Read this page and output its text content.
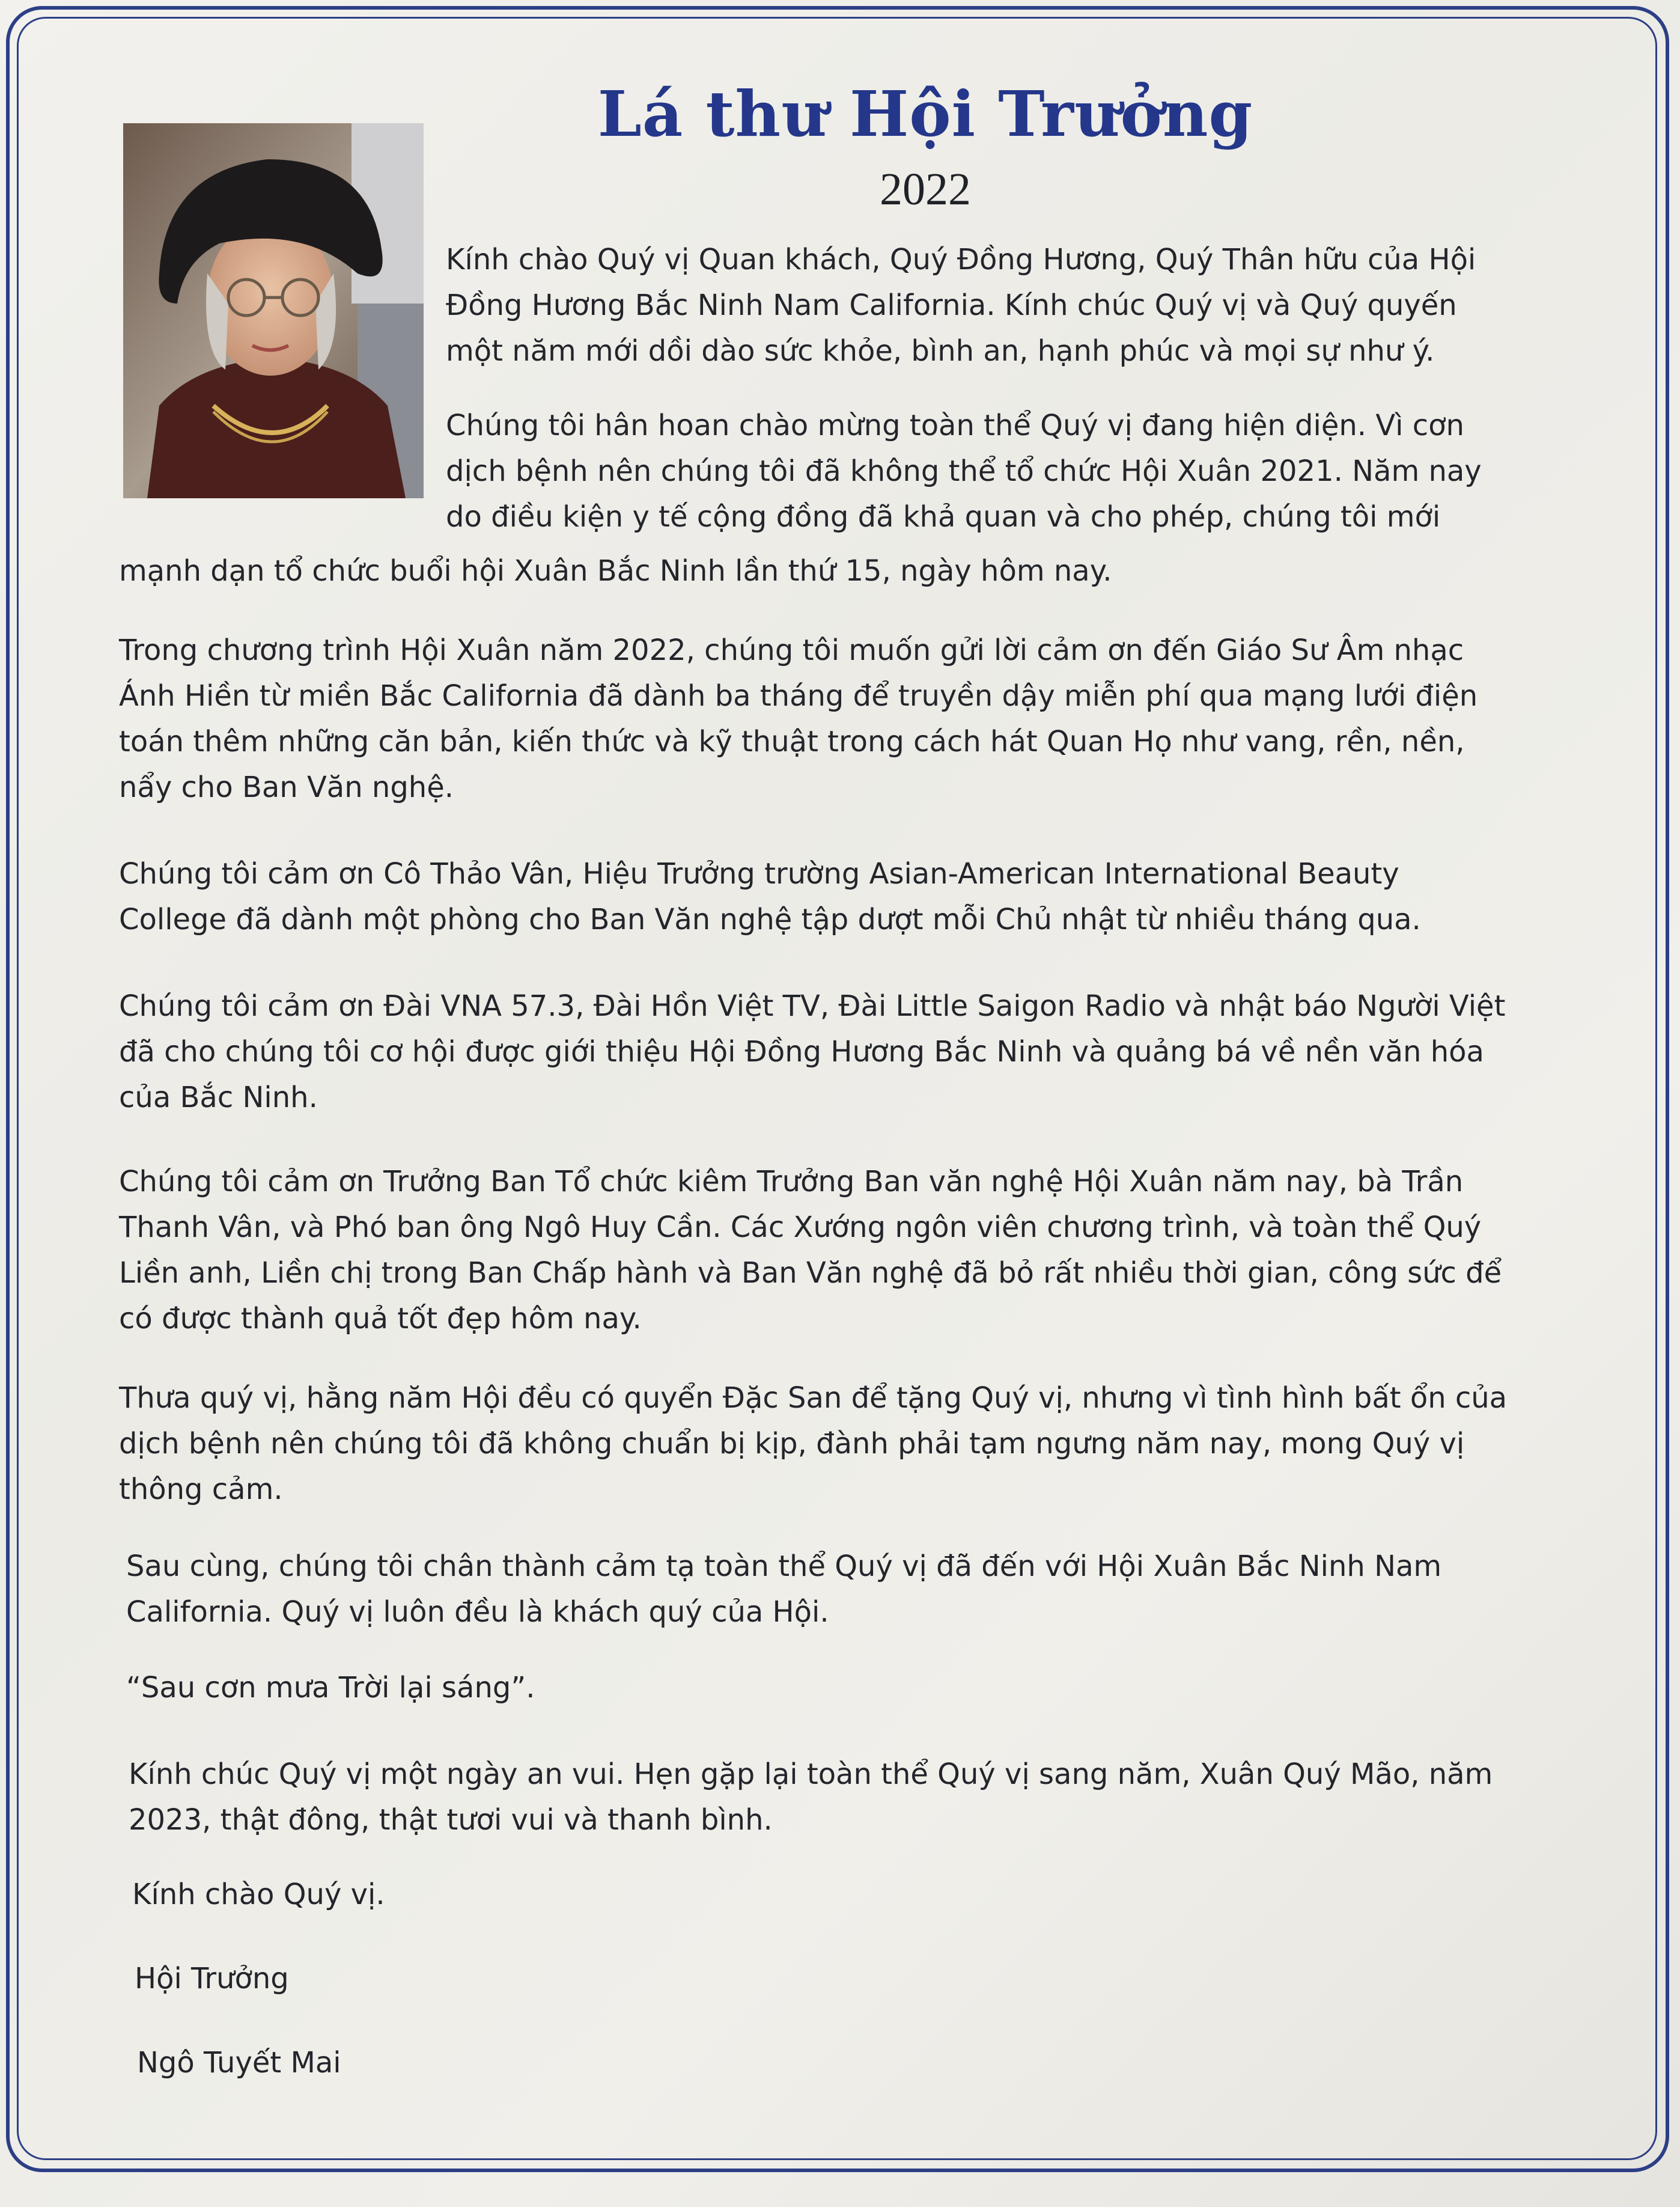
Lá thư Hội Trưởng
2022
Kính chào Quý vị Quan khách, Quý Đồng Hương, Quý Thân hữu của Hội
Đồng Hương Bắc Ninh Nam California. Kính chúc Quý vị và Quý quyến
một năm mới dồi dào sức khỏe, bình an, hạnh phúc và mọi sự như ý.
Chúng tôi hân hoan chào mừng toàn thể Quý vị đang hiện diện. Vì cơn
dịch bệnh nên chúng tôi đã không thể tổ chức Hội Xuân 2021. Năm nay
do điều kiện y tế cộng đồng đã khả quan và cho phép, chúng tôi mới
mạnh dạn tổ chức buổi hội Xuân Bắc Ninh lần thứ 15, ngày hôm nay.
Trong chương trình Hội Xuân năm 2022, chúng tôi muốn gửi lời cảm ơn đến Giáo Sư Âm nhạc
Ánh Hiền từ miền Bắc California đã dành ba tháng để truyền dậy miễn phí qua mạng lưới điện
toán thêm những căn bản, kiến thức và kỹ thuật trong cách hát Quan Họ như vang, rền, nền,
nẩy cho Ban Văn nghệ.
Chúng tôi cảm ơn Cô Thảo Vân, Hiệu Trưởng trường Asian-American International Beauty
College đã dành một phòng cho Ban Văn nghệ tập dượt mỗi Chủ nhật từ nhiều tháng qua.
Chúng tôi cảm ơn Đài VNA 57.3, Đài Hồn Việt TV, Đài Little Saigon Radio và nhật báo Người Việt
đã cho chúng tôi cơ hội được giới thiệu Hội Đồng Hương Bắc Ninh và quảng bá về nền văn hóa
của Bắc Ninh.
Chúng tôi cảm ơn Trưởng Ban Tổ chức kiêm Trưởng Ban văn nghệ Hội Xuân năm nay, bà Trần
Thanh Vân, và Phó ban ông Ngô Huy Cần. Các Xướng ngôn viên chương trình, và toàn thể Quý
Liền anh, Liền chị trong Ban Chấp hành và Ban Văn nghệ đã bỏ rất nhiều thời gian, công sức để
có được thành quả tốt đẹp hôm nay.
Thưa quý vị, hằng năm Hội đều có quyển Đặc San để tặng Quý vị, nhưng vì tình hình bất ổn của
dịch bệnh nên chúng tôi đã không chuẩn bị kịp, đành phải tạm ngưng năm nay, mong Quý vị
thông cảm.
Sau cùng, chúng tôi chân thành cảm tạ toàn thể Quý vị đã đến với Hội Xuân Bắc Ninh Nam
California. Quý vị luôn đều là khách quý của Hội.
“Sau cơn mưa Trời lại sáng”.
Kính chúc Quý vị một ngày an vui. Hẹn gặp lại toàn thể Quý vị sang năm, Xuân Quý Mão, năm
2023, thật đông, thật tươi vui và thanh bình.
Kính chào Quý vị.
Hội Trưởng
Ngô Tuyết Mai
